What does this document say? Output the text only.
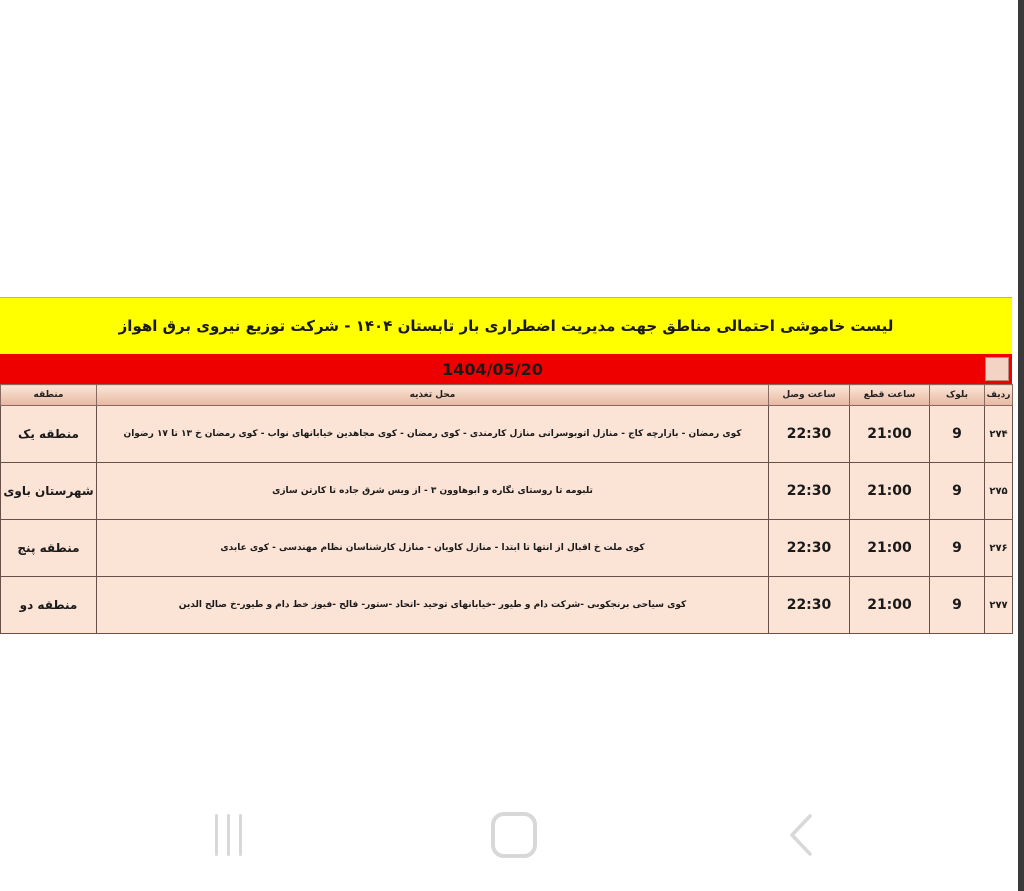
لیست خاموشی احتمالی مناطق جهت مدیریت اضطراری بار تابستان ۱۴۰۴ - شرکت توزیع نیروی برق اهواز
1404/05/20
منطقه	محل تغذیه	ساعت وصل	ساعت قطع	بلوک	ردیف
منطقه یک	کوی رمضان - بازارچه کاج - منازل اتوبوسرانی منازل کارمندی - کوی رمضان - کوی مجاهدین خیابانهای نواب - کوی رمضان خ ۱۳ تا ۱۷ رضوان	22:30	21:00	9	۲۷۴
شهرستان باوی	تلبومه تا روستای نگاره و ابوهاوون ۳ - از ویس شرق جاده تا کارتن سازی	22:30	21:00	9	۲۷۵
منطقه پنج	کوی ملت خ اقبال از انتها تا ابتدا - منازل کاویان - منازل کارشناسان نظام مهندسی - کوی عابدی	22:30	21:00	9	۲۷۶
منطقه دو	کوی سیاحی برنجکوبی -شرکت دام و طیور -خیابانهای توحید -اتحاد -ستور- فالح -فیوز خط دام و طیور-خ صالح الدین	22:30	21:00	9	۲۷۷
